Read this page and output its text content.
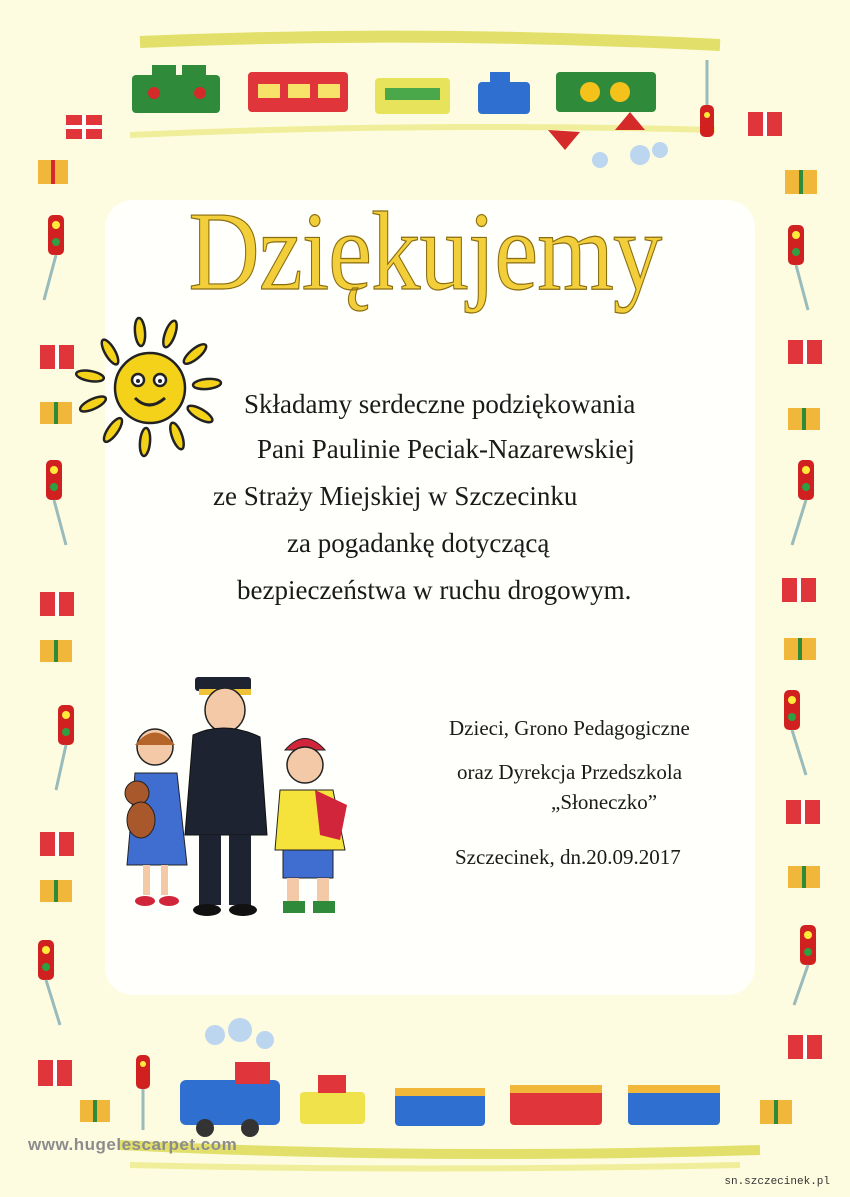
Dziękujemy
Składamy serdeczne podziękowania
Pani Paulinie Peciak-Nazarewskiej
ze Straży Miejskiej w Szczecinku
za pogadankę dotyczącą
bezpieczeństwa w ruchu drogowym.
Dzieci, Grono Pedagogiczne
oraz Dyrekcja Przedszkola
„Słoneczko”
Szczecinek, dn.20.09.2017
www.hugelescarpet.com
sn.szczecinek.pl
